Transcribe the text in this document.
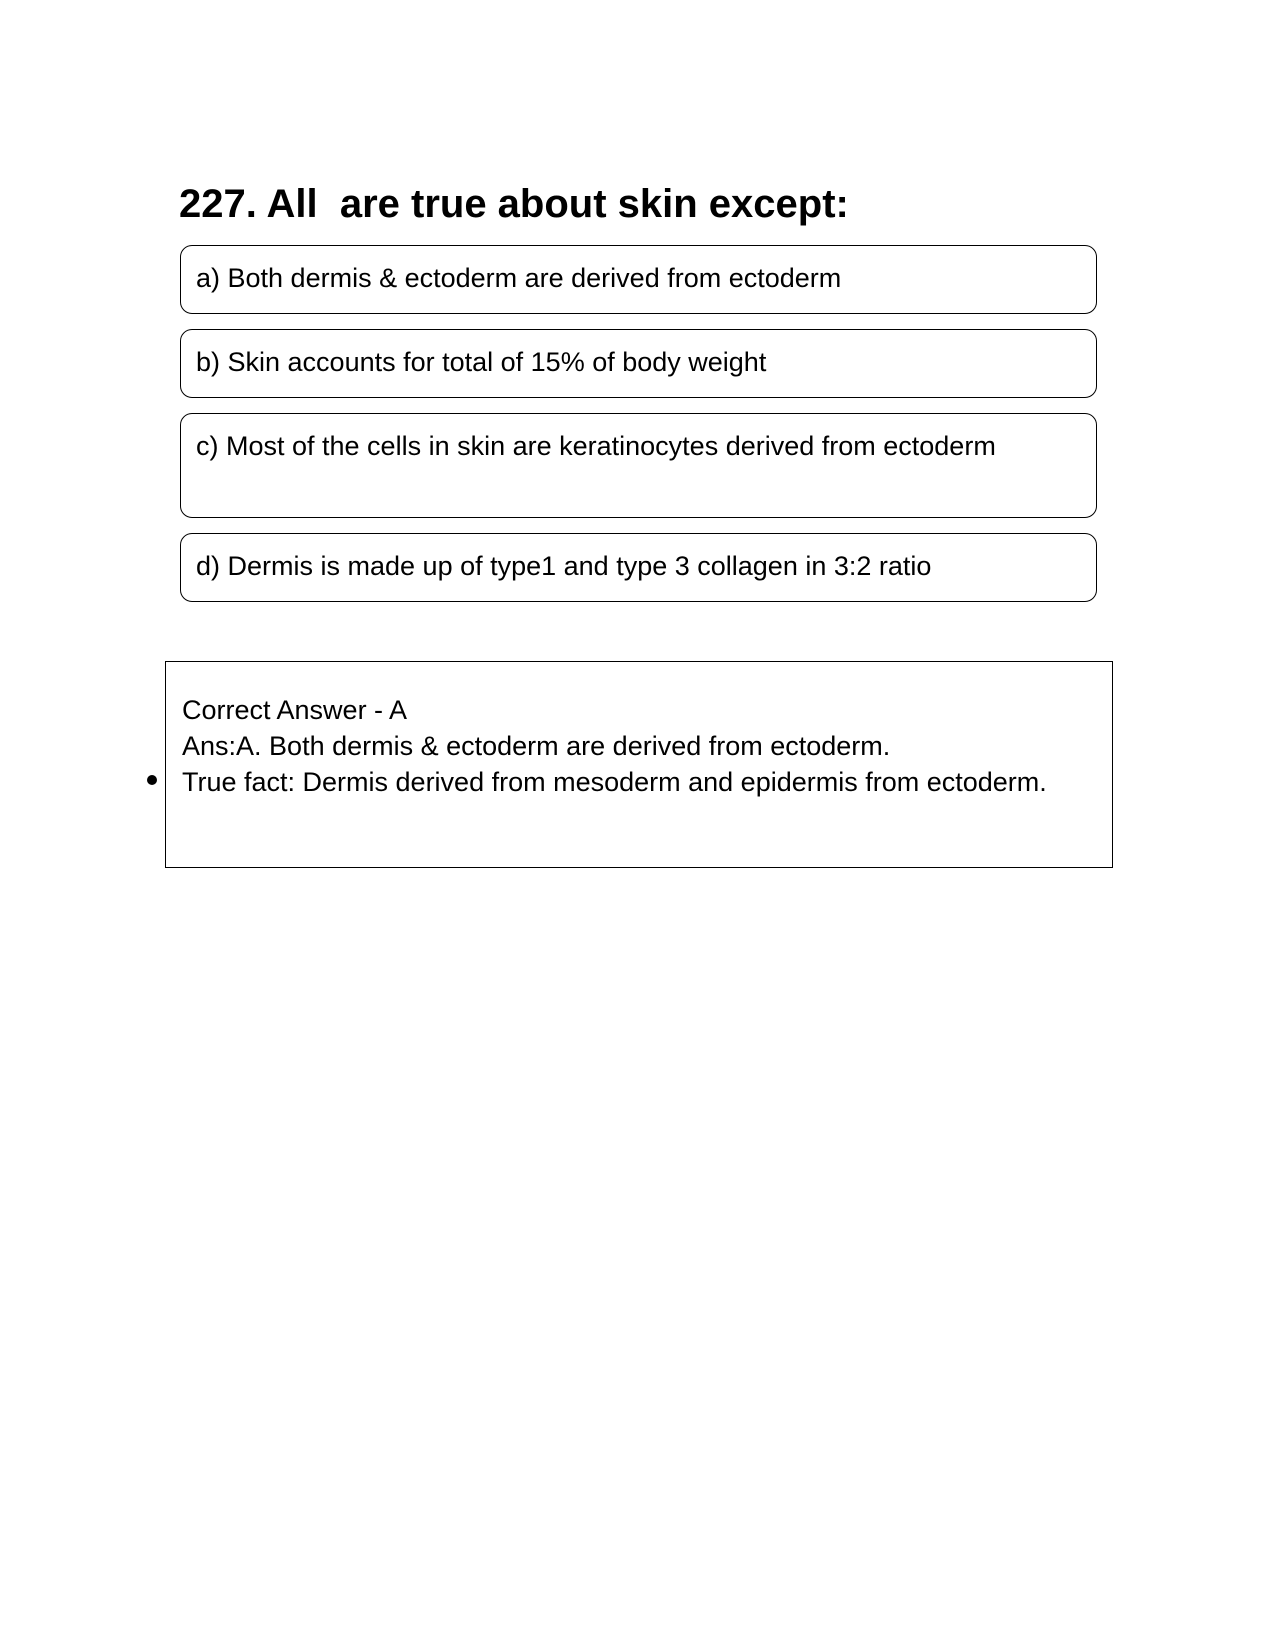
227. All  are true about skin except:
a) Both dermis & ectoderm are derived from ectoderm
b) Skin accounts for total of 15% of body weight
c) Most of the cells in skin are keratinocytes derived from ectoderm
d) Dermis is made up of type1 and type 3 collagen in 3:2 ratio
Correct Answer - A
Ans:A. Both dermis & ectoderm are derived from ectoderm.
True fact: Dermis derived from mesoderm and epidermis from ectoderm.
